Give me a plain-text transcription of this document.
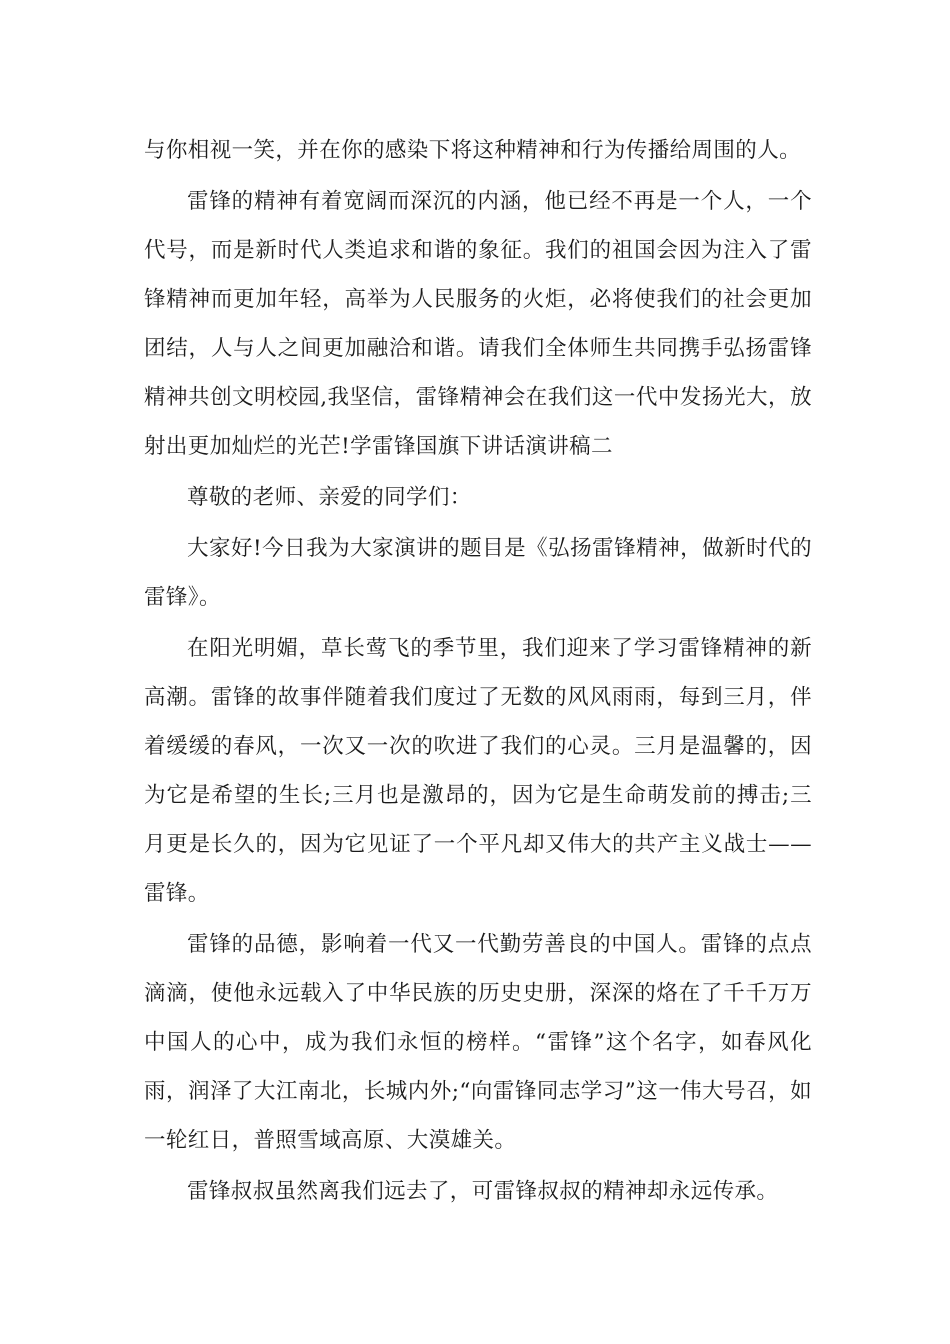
与你相视一笑，并在你的感染下将这种精神和行为传播给周围的人。

雷锋的精神有着宽阔而深沉的内涵，他已经不再是一个人，一个代号，而是新时代人类追求和谐的象征。我们的祖国会因为注入了雷锋精神而更加年轻，高举为人民服务的火炬，必将使我们的社会更加团结，人与人之间更加融洽和谐。请我们全体师生共同携手弘扬雷锋精神共创文明校园,我坚信，雷锋精神会在我们这一代中发扬光大，放射出更加灿烂的光芒!学雷锋国旗下讲话演讲稿二

尊敬的老师、亲爱的同学们：

大家好!今日我为大家演讲的题目是《弘扬雷锋精神，做新时代的雷锋》。

在阳光明媚，草长莺飞的季节里，我们迎来了学习雷锋精神的新高潮。雷锋的故事伴随着我们度过了无数的风风雨雨，每到三月，伴着缓缓的春风，一次又一次的吹进了我们的心灵。三月是温馨的，因为它是希望的生长;三月也是激昂的，因为它是生命萌发前的搏击;三月更是长久的，因为它见证了一个平凡却又伟大的共产主义战士——雷锋。

雷锋的品德，影响着一代又一代勤劳善良的中国人。雷锋的点点滴滴，使他永远载入了中华民族的历史史册，深深的烙在了千千万万中国人的心中，成为我们永恒的榜样。“雷锋”这个名字，如春风化雨，润泽了大江南北，长城内外;“向雷锋同志学习”这一伟大号召，如一轮红日，普照雪域高原、大漠雄关。

雷锋叔叔虽然离我们远去了，可雷锋叔叔的精神却永远传承。
